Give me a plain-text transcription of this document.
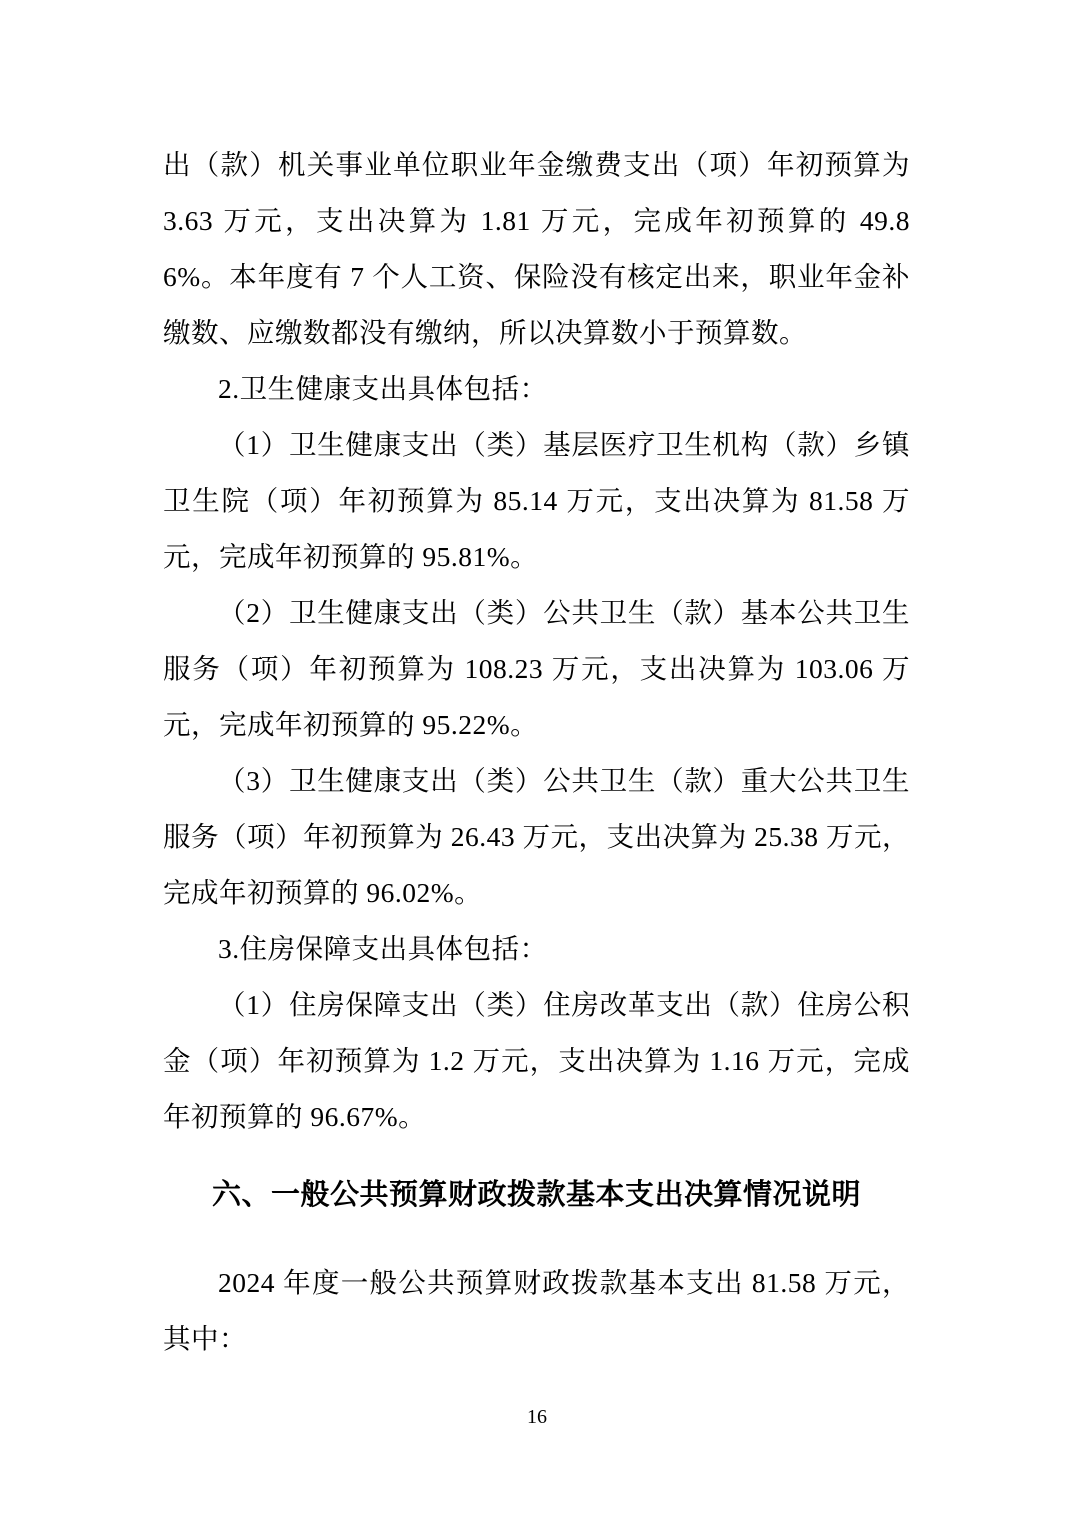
出（款）机关事业单位职业年金缴费支出（项）年初预算为 3.63 万元，支出决算为 1.81 万元，完成年初预算的 49.86%。本年度有 7 个人工资、保险没有核定出来，职业年金补缴数、应缴数都没有缴纳，所以决算数小于预算数。

2.卫生健康支出具体包括：

（1）卫生健康支出（类）基层医疗卫生机构（款）乡镇卫生院（项）年初预算为 85.14 万元，支出决算为 81.58 万元，完成年初预算的 95.81%。

（2）卫生健康支出（类）公共卫生（款）基本公共卫生服务（项）年初预算为 108.23 万元，支出决算为 103.06 万元，完成年初预算的 95.22%。

（3）卫生健康支出（类）公共卫生（款）重大公共卫生服务（项）年初预算为 26.43 万元，支出决算为 25.38 万元，完成年初预算的 96.02%。

3.住房保障支出具体包括：

（1）住房保障支出（类）住房改革支出（款）住房公积金（项）年初预算为 1.2 万元，支出决算为 1.16 万元，完成年初预算的 96.67%。

六、一般公共预算财政拨款基本支出决算情况说明

2024 年度一般公共预算财政拨款基本支出 81.58 万元，其中：

16
